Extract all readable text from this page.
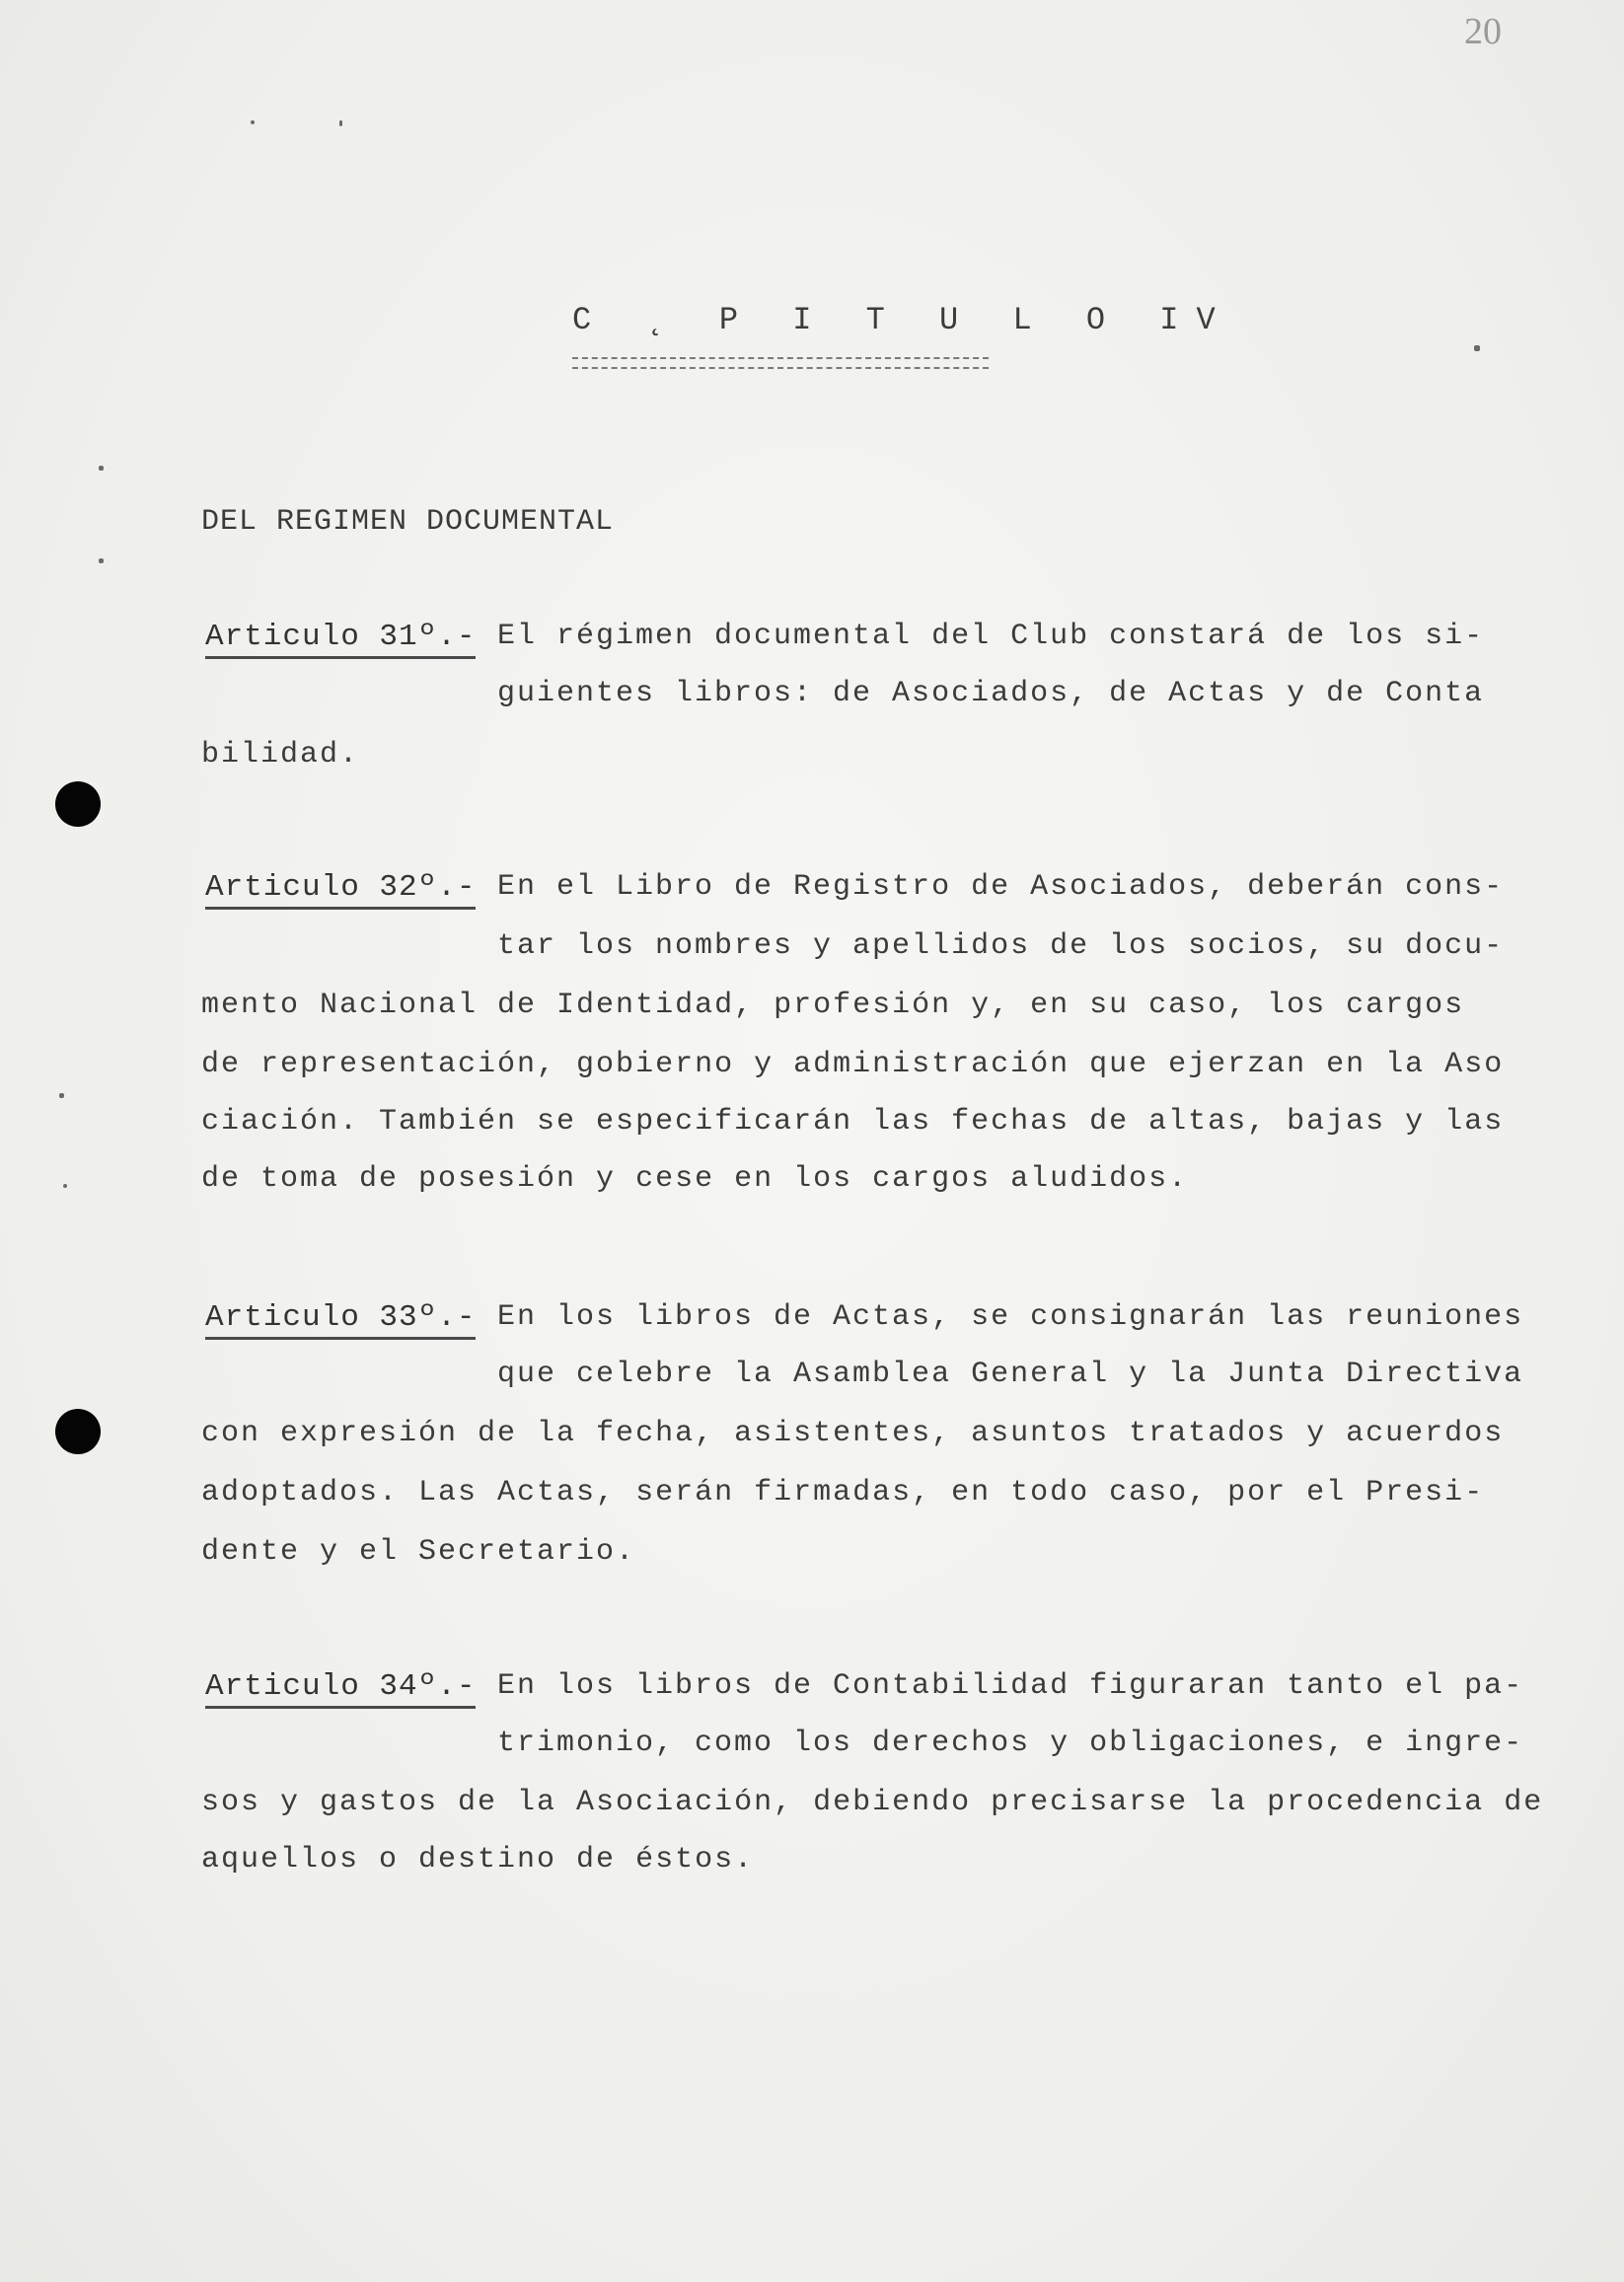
20
C ˛ P I T U L O IV
DEL REGIMEN DOCUMENTAL
Articulo 31º.- El régimen documental del Club constará de los si-
guientes libros: de Asociados, de Actas y de Conta
bilidad.
Articulo 32º.- En el Libro de Registro de Asociados, deberán cons-
tar los nombres y apellidos de los socios, su docu-
mento Nacional de Identidad, profesión y, en su caso, los cargos
de representación, gobierno y administración que ejerzan en la Aso
ciación. También se especificarán las fechas de altas, bajas y las
de toma de posesión y cese en los cargos aludidos.
Articulo 33º.- En los libros de Actas, se consignarán las reuniones
que celebre la Asamblea General y la Junta Directiva
con expresión de la fecha, asistentes, asuntos tratados y acuerdos
adoptados. Las Actas, serán firmadas, en todo caso, por el Presi-
dente y el Secretario.
Articulo 34º.- En los libros de Contabilidad figuraran tanto el pa-
trimonio, como los derechos y obligaciones, e ingre-
sos y gastos de la Asociación, debiendo precisarse la procedencia de
aquellos o destino de éstos.
